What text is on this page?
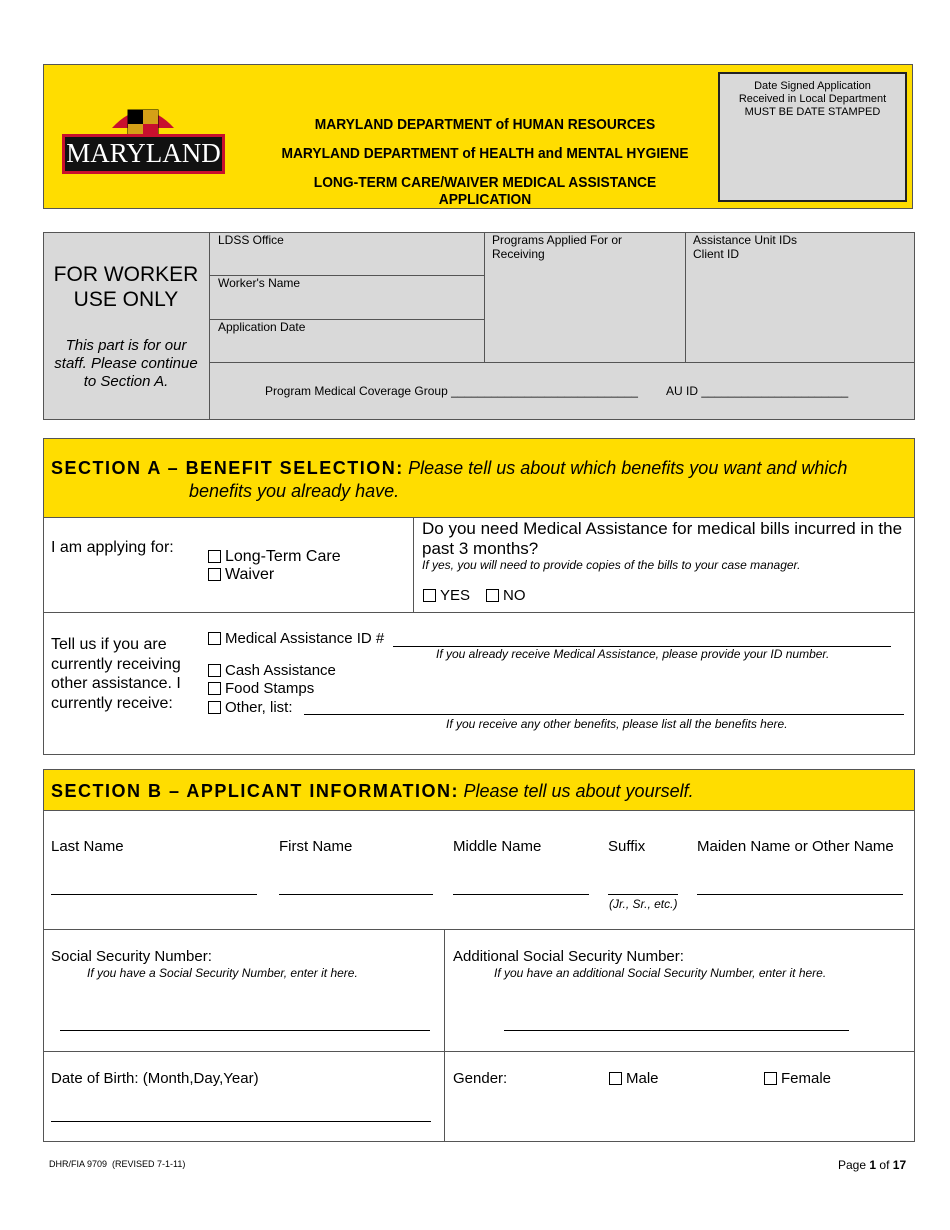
MARYLAND
MARYLAND DEPARTMENT of HUMAN RESOURCES
MARYLAND DEPARTMENT of HEALTH and MENTAL HYGIENE
LONG-TERM CARE/WAIVER MEDICAL ASSISTANCE APPLICATION
Date Signed Application
Received in Local Department
MUST BE DATE STAMPED
FOR WORKER USE ONLY
This part is for our staff. Please continue to Section A.
LDSS Office
Worker's Name
Application Date
Programs Applied For or Receiving
Assistance Unit IDs
Client ID
Program Medical Coverage Group ____________________________ AU ID ______________________
SECTION A – BENEFIT SELECTION: Please tell us about which benefits you want and which
benefits you already have.
I am applying for:
Long-Term Care
Waiver
Do you need Medical Assistance for medical bills incurred in the past 3 months?
If yes, you will need to provide copies of the bills to your case manager.
YES	NO
Tell us if you are currently receiving other assistance. I currently receive:
Medical Assistance ID #
If you already receive Medical Assistance, please provide your ID number.
Cash Assistance
Food Stamps
Other, list:
If you receive any other benefits, please list all the benefits here.
SECTION B – APPLICANT INFORMATION: Please tell us about yourself.
Last Name	First Name	Middle Name	Suffix	Maiden Name or Other Name
(Jr., Sr., etc.)
Social Security Number:
If you have a Social Security Number, enter it here.
Additional Social Security Number:
If you have an additional Social Security Number, enter it here.
Date of Birth: (Month,Day,Year)	Gender:	Male	Female
DHR/FIA 9709  (REVISED 7-1-11)	Page 1 of 17
